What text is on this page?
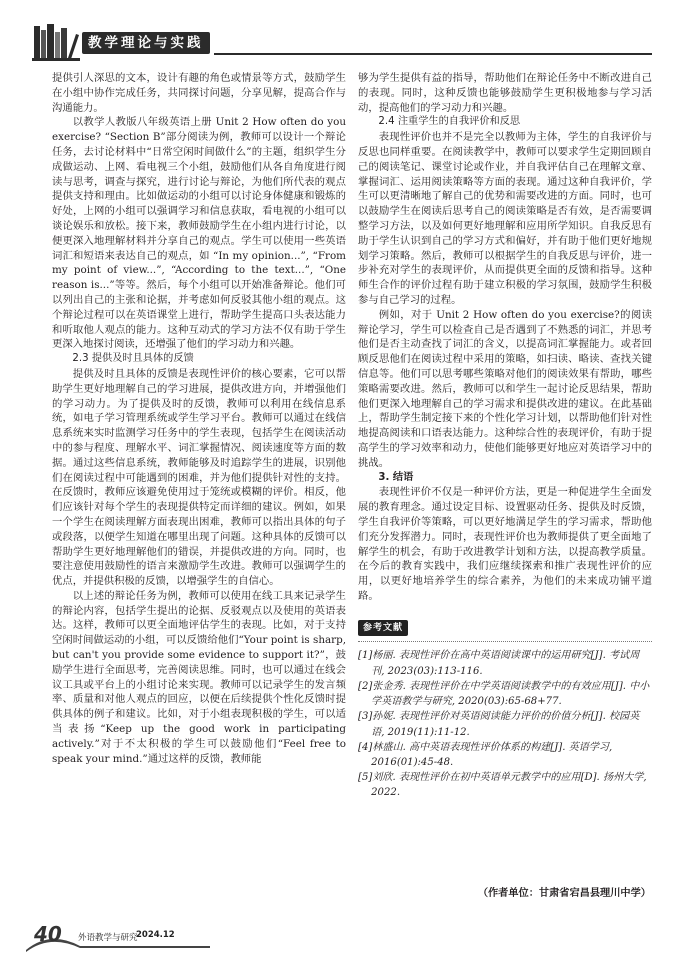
教学理论与实践
提供引人深思的文本，设计有趣的角色或情景等方式，鼓励学生在小组中协作完成任务，共同探讨问题，分享见解，提高合作与沟通能力。
以教学人教版八年级英语上册 Unit 2 How often do you exercise? “Section B”部分阅读为例，教师可以设计一个辩论任务，去讨论材料中“日常空闲时间做什么”的主题，组织学生分成做运动、上网、看电视三个小组，鼓励他们从各自角度进行阅读与思考，调查与探究，进行讨论与辩论，为他们所代表的观点提供支持和理由。比如做运动的小组可以讨论身体健康和锻炼的好处，上网的小组可以强调学习和信息获取，看电视的小组可以谈论娱乐和放松。接下来，教师鼓励学生在小组内进行讨论，以便更深入地理解材料并分享自己的观点。学生可以使用一些英语词汇和短语来表达自己的观点，如 “In my opinion...”, “From my point of view...”, “According to the text...”, “One reason is...”等等。然后，每个小组可以开始准备辩论。他们可以列出自己的主张和论据，并考虑如何反驳其他小组的观点。这个辩论过程可以在英语课堂上进行，帮助学生提高口头表达能力和听取他人观点的能力。这种互动式的学习方法不仅有助于学生更深入地探讨阅读，还增强了他们的学习动力和兴趣。
2.3 提供及时且具体的反馈
提供及时且具体的反馈是表现性评价的核心要素，它可以帮助学生更好地理解自己的学习进展，提供改进方向，并增强他们的学习动力。为了提供及时的反馈，教师可以利用在线信息系统，如电子学习管理系统或学生学习平台。教师可以通过在线信息系统来实时监测学习任务中的学生表现，包括学生在阅读活动中的参与程度、理解水平、词汇掌握情况、阅读速度等方面的数据。通过这些信息系统，教师能够及时追踪学生的进展，识别他们在阅读过程中可能遇到的困难，并为他们提供针对性的支持。在反馈时，教师应该避免使用过于笼统或模糊的评价。相反，他们应该针对每个学生的表现提供特定而详细的建议。例如，如果一个学生在阅读理解方面表现出困难，教师可以指出具体的句子或段落，以便学生知道在哪里出现了问题。这种具体的反馈可以帮助学生更好地理解他们的错误，并提供改进的方向。同时，也要注意使用鼓励性的语言来激励学生改进。教师可以强调学生的优点，并提供积极的反馈，以增强学生的自信心。
以上述的辩论任务为例，教师可以使用在线工具来记录学生的辩论内容，包括学生提出的论据、反驳观点以及使用的英语表达。这样，教师可以更全面地评估学生的表现。比如，对于支持空闲时间做运动的小组，可以反馈给他们“Your point is sharp, but can't you provide some evidence to support it?”，鼓励学生进行全面思考，完善阅读思维。同时，也可以通过在线会议工具或平台上的小组讨论来实现。教师可以记录学生的发言频率、质量和对他人观点的回应，以便在后续提供个性化反馈时提供具体的例子和建议。比如，对于小组表现积极的学生，可以适当表扬“Keep up the good work in participating actively.”对于不太积极的学生可以鼓励他们“Feel free to speak your mind.”通过这样的反馈，教师能
够为学生提供有益的指导，帮助他们在辩论任务中不断改进自己的表现。同时，这种反馈也能够鼓励学生更积极地参与学习活动，提高他们的学习动力和兴趣。
2.4 注重学生的自我评价和反思
表现性评价也并不是完全以教师为主体，学生的自我评价与反思也同样重要。在阅读教学中，教师可以要求学生定期回顾自己的阅读笔记、课堂讨论或作业，并自我评估自己在理解文章、掌握词汇、运用阅读策略等方面的表现。通过这种自我评价，学生可以更清晰地了解自己的优势和需要改进的方面。同时，也可以鼓励学生在阅读后思考自己的阅读策略是否有效，是否需要调整学习方法，以及如何更好地理解和应用所学知识。自我反思有助于学生认识到自己的学习方式和偏好，并有助于他们更好地规划学习策略。然后，教师可以根据学生的自我反思与评价，进一步补充对学生的表现评价，从而提供更全面的反馈和指导。这种师生合作的评价过程有助于建立积极的学习氛围，鼓励学生积极参与自己学习的过程。
例如，对于 Unit 2 How often do you exercise?的阅读辩论学习，学生可以检查自己是否遇到了不熟悉的词汇，并思考他们是否主动查找了词汇的含义，以提高词汇掌握能力。或者回顾反思他们在阅读过程中采用的策略，如扫读、略读、查找关键信息等。他们可以思考哪些策略对他们的阅读效果有帮助，哪些策略需要改进。然后，教师可以和学生一起讨论反思结果，帮助他们更深入地理解自己的学习需求和提供改进的建议。在此基础上，帮助学生制定接下来的个性化学习计划，以帮助他们针对性地提高阅读和口语表达能力。这种综合性的表现评价，有助于提高学生的学习效率和动力，使他们能够更好地应对英语学习中的挑战。
3. 结语
表现性评价不仅是一种评价方法，更是一种促进学生全面发展的教育理念。通过设定目标、设置驱动任务、提供及时反馈，学生自我评价等策略，可以更好地满足学生的学习需求，帮助他们充分发挥潜力。同时，表现性评价也为教师提供了更全面地了解学生的机会，有助于改进教学计划和方法，以提高教学质量。在今后的教育实践中，我们应继续探索和推广表现性评价的应用，以更好地培养学生的综合素养，为他们的未来成功铺平道路。
参考文献
[1]杨丽. 表现性评价在高中英语阅读课中的运用研究[J]. 考试周刊, 2023(03):113-116.
[2]张金秀. 表现性评价在中学英语阅读教学中的有效应用[J]. 中小学英语教学与研究, 2020(03):65-68+77.
[3]孙妮. 表现性评价对英语阅读能力评价的价值分析[J]. 校园英语, 2019(11):11-12.
[4]林盛山. 高中英语表现性评价体系的构建[J]. 英语学习, 2016(01):45-48.
[5]刘欣. 表现性评价在初中英语单元教学中的应用[D]. 扬州大学, 2022.
（作者单位：甘肃省宕昌县理川中学）
40 外语教学与研究
2024.12
